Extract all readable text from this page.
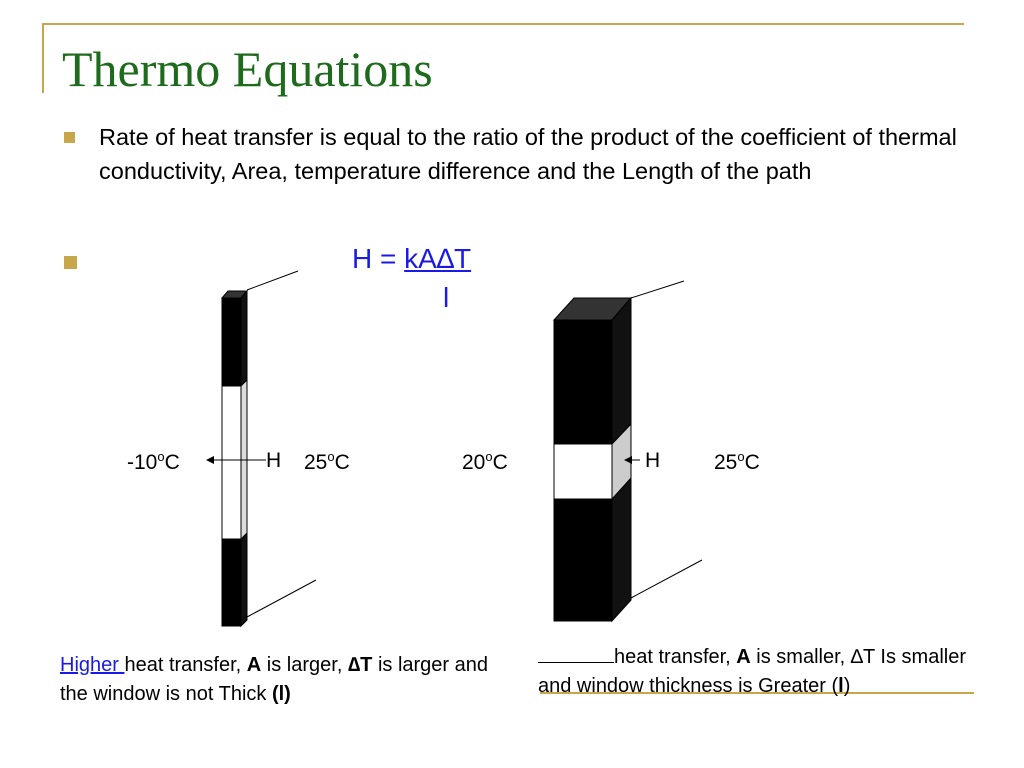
Thermo Equations

Rate of heat transfer is equal to the ratio of the product of the coefficient of thermal conductivity, Area, temperature difference and the Length of the path

H = kA∆T
l
-10$^o$C	H 25$^o$C	20$^o$C	H	25$^o$C

Higher heat transfer, A is larger, ∆T is larger and the window is not Thick (l)

heat transfer, A is smaller, ∆T Is smaller and window thickness is Greater (l)
